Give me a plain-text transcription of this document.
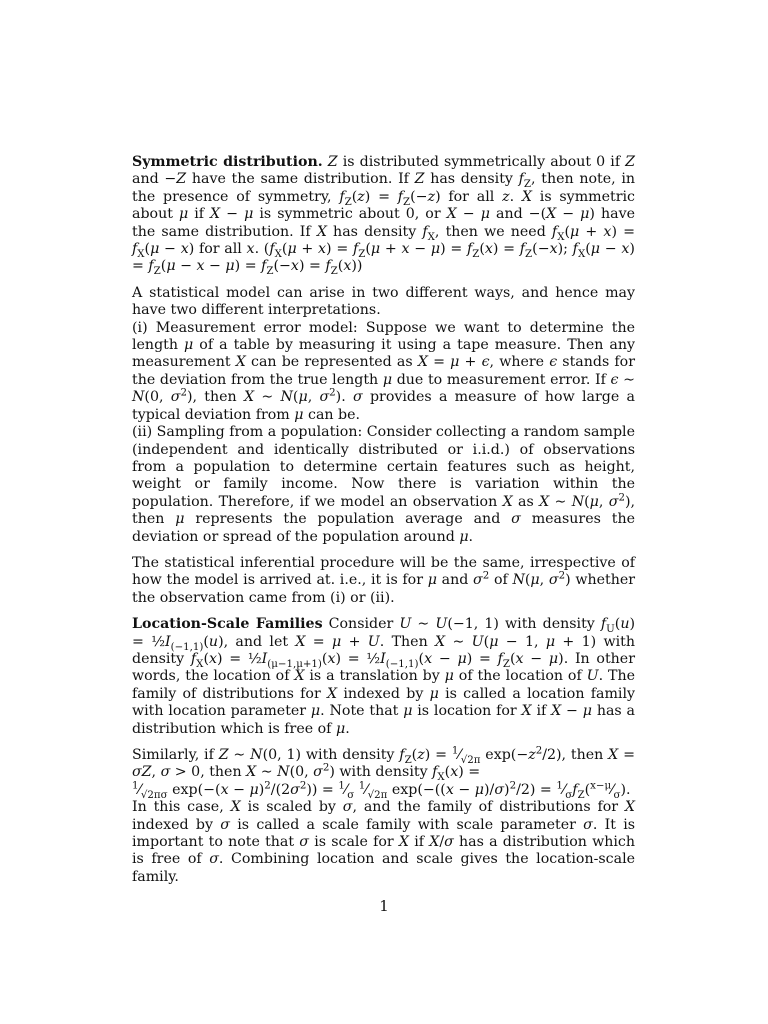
Symmetric distribution. Z is distributed symmetrically about 0 if Z and −Z have the same distribution. If Z has density $f_Z$, then note, in the presence of symmetry, $f_Z(z) = f_Z(-z)$ for all z. X is symmetric about μ if X − μ is symmetric about 0, or X − μ and −(X − μ) have the same distribution. If X has density $f_X$, then we need $f_X(\mu + x) = f_X(\mu - x)$ for all x. ($f_X(\mu + x) = f_Z(\mu + x - \mu) = f_Z(x) = f_Z(-x)$; $f_X(\mu - x) = f_Z(\mu - x - \mu) = f_Z(-x) = f_Z(x)$)

A statistical model can arise in two different ways, and hence may have two different interpretations.
(i) Measurement error model: Suppose we want to determine the length μ of a table by measuring it using a tape measure. Then any measurement X can be represented as X = μ + ϵ, where ϵ stands for the deviation from the true length μ due to measurement error. If ϵ ∼ N(0, $\sigma^2$), then X ∼ N(μ, $\sigma^2$). σ provides a measure of how large a typical deviation from μ can be.
(ii) Sampling from a population: Consider collecting a random sample (independent and identically distributed or i.i.d.) of observations from a population to determine certain features such as height, weight or family income. Now there is variation within the population. Therefore, if we model an observation X as X ∼ N(μ, $\sigma^2$), then μ represents the population average and σ measures the deviation or spread of the population around μ.

The statistical inferential procedure will be the same, irrespective of how the model is arrived at. i.e., it is for μ and $\sigma^2$ of N(μ, $\sigma^2$) whether the observation came from (i) or (ii).

Location-Scale Families Consider U ∼ U(−1, 1) with density $f_U(u)$ = $\frac{1}{2}I_{(-1,1)}(u)$, and let X = μ + U. Then X ∼ U(μ − 1, μ + 1) with density $f_X(x)$ = $\frac{1}{2}I_{(\mu-1,\mu+1)}(x)$ = $\frac{1}{2}I_{(-1,1)}(x - \mu) = f_Z(x - \mu)$. In other words, the location of X is a translation by μ of the location of U. The family of distributions for X indexed by μ is called a location family with location parameter μ. Note that μ is location for X if X − μ has a distribution which is free of μ.

Similarly, if Z ∼ N(0, 1) with density $f_Z(z)$ = $^1⁄_{√2\pi}$ $\exp(-z^2/2)$, then X = σZ, σ > 0, then X ∼ N(0, $\sigma^2$) with density $f_X(x)$ =
$^1⁄_{√2\pi\sigma}$ $\exp(-(x - \mu)^2/(2\sigma^2))$ = $^1⁄_\sigma$ $^1⁄_{√2\pi}$ $\exp(-((x - \mu)/\sigma)^2/2)$ = $^1⁄_\sigma f_Z(^{x-\mu}⁄_\sigma)$.
In this case, X is scaled by σ, and the family of distributions for X indexed by σ is called a scale family with scale parameter σ. It is important to note that σ is scale for X if X/σ has a distribution which is free of σ. Combining location and scale gives the location-scale family.

1
